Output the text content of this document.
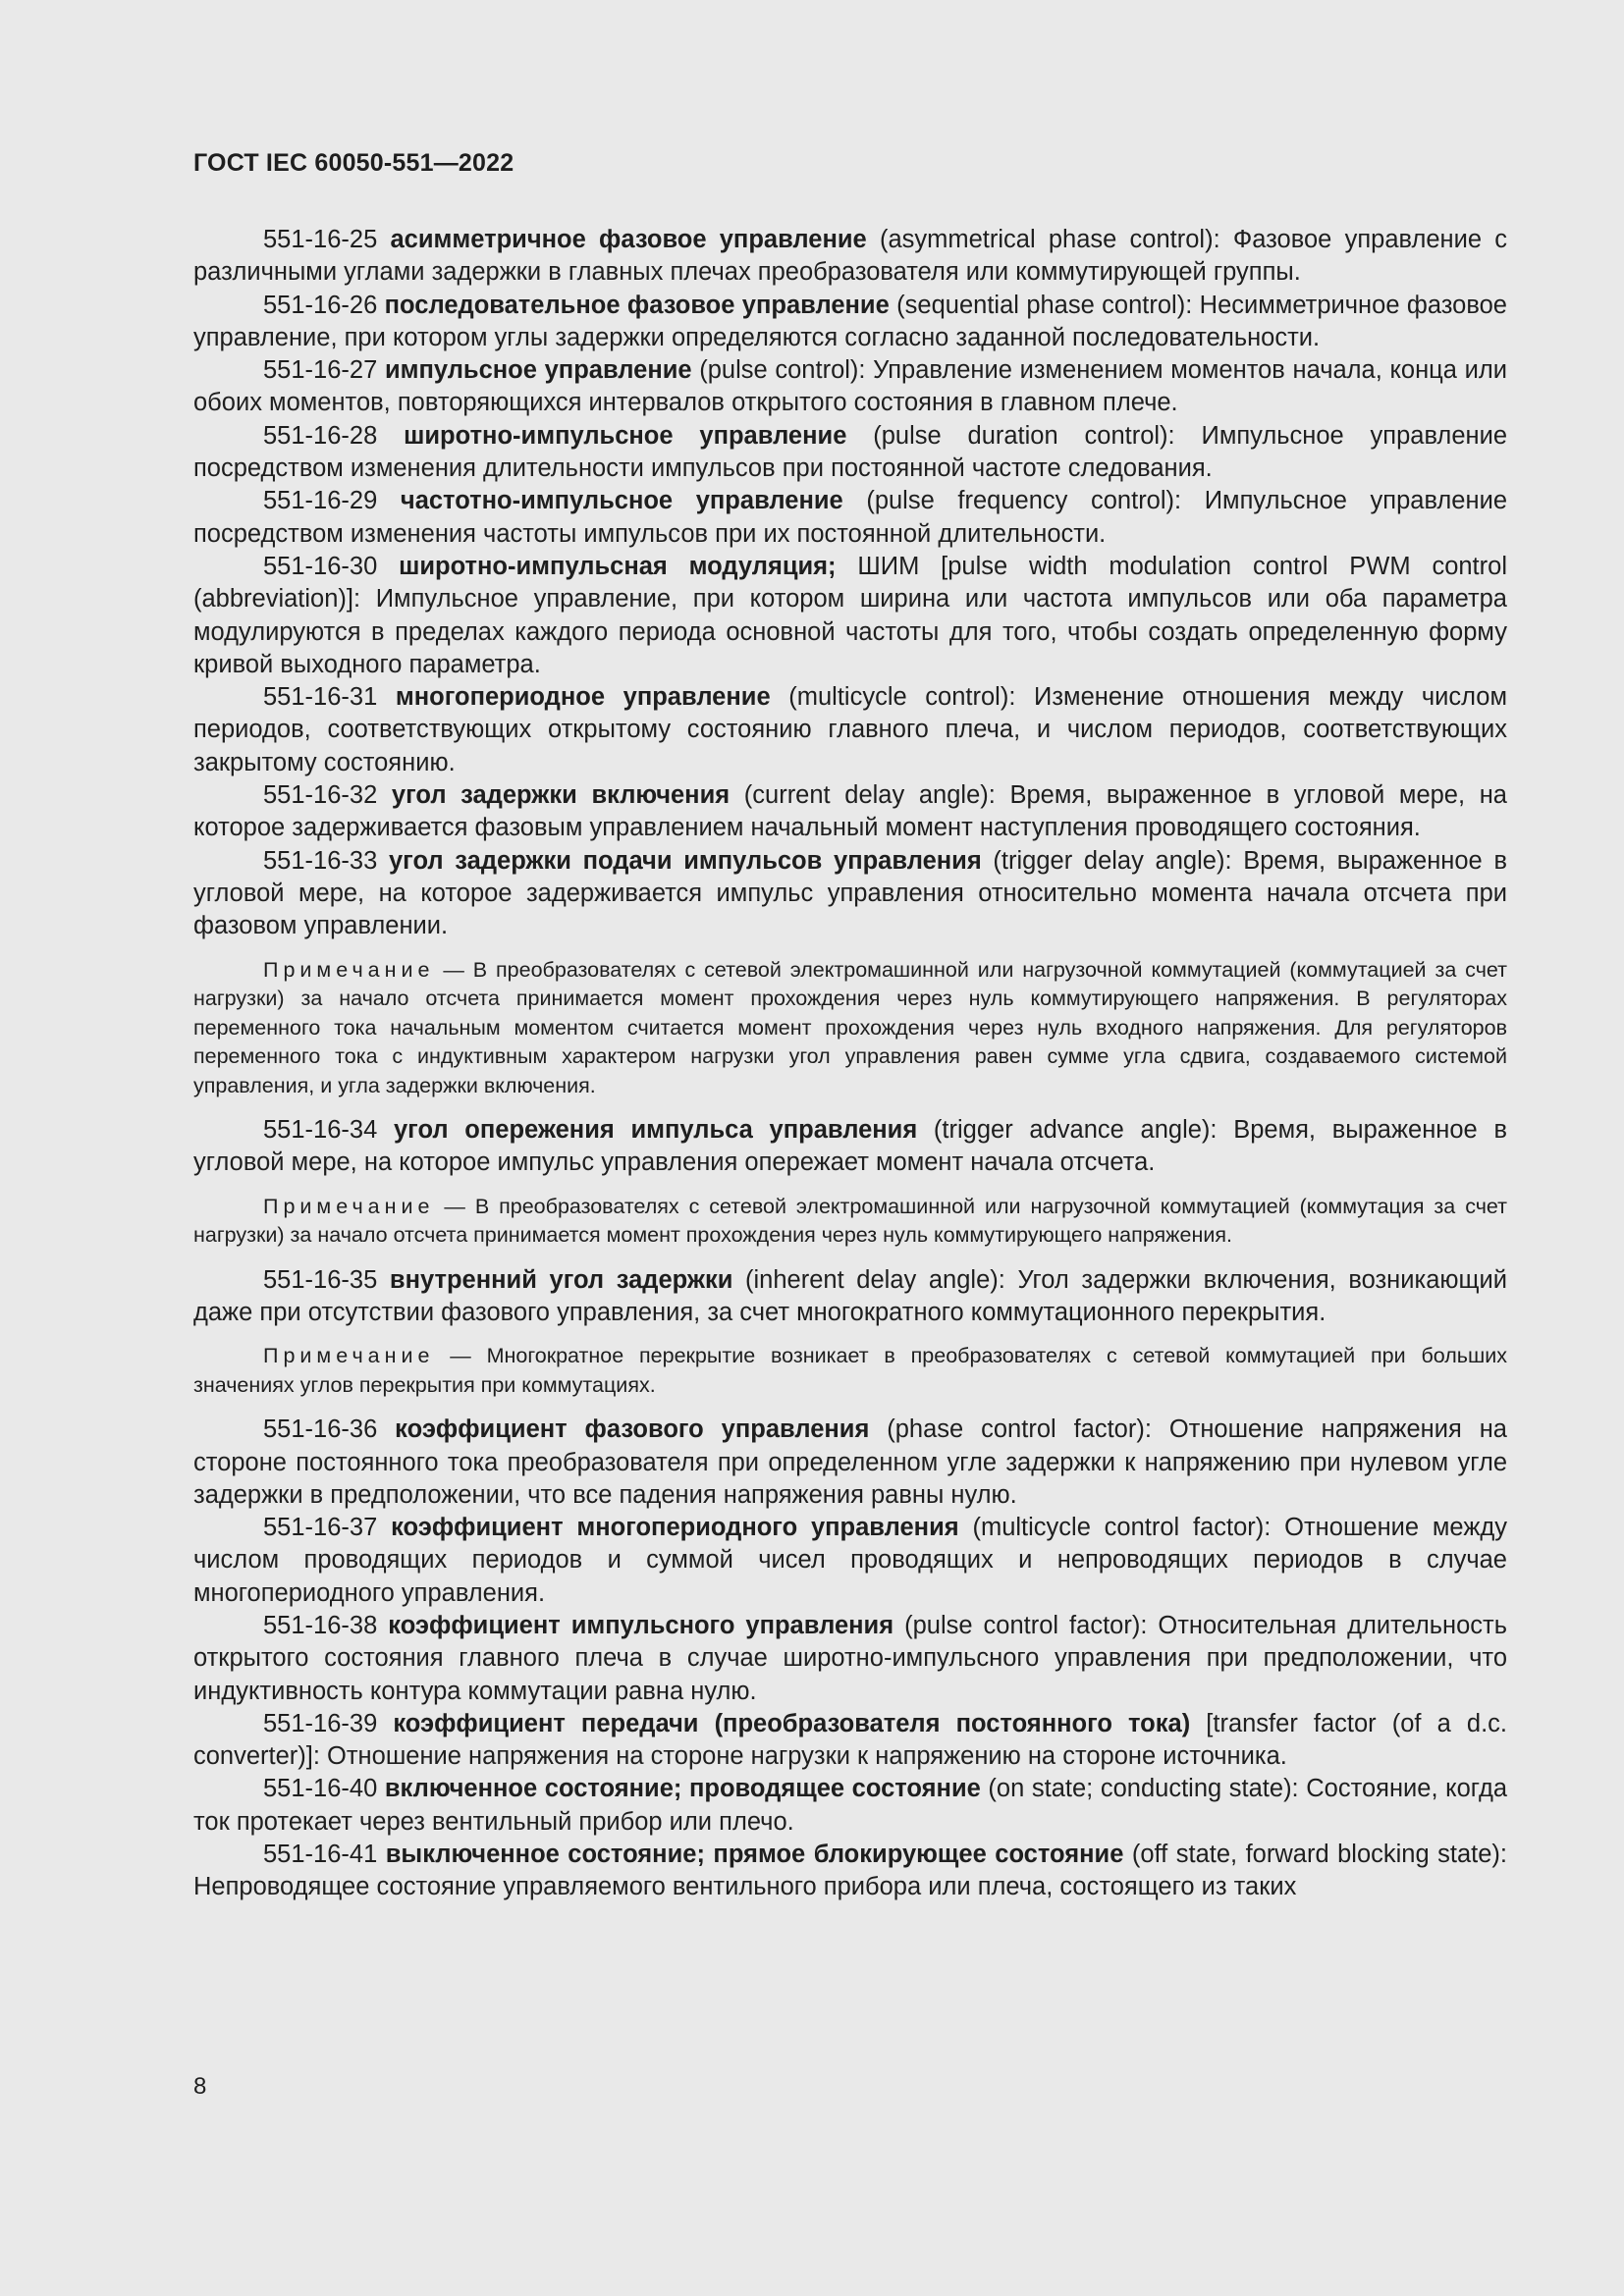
ГОСТ IEC 60050-551—2022

551-16-25 асимметричное фазовое управление (asymmetrical phase control): Фазовое управление с различными углами задержки в главных плечах преобразователя или коммутирующей группы.

551-16-26 последовательное фазовое управление (sequential phase control): Несимметричное фазовое управление, при котором углы задержки определяются согласно заданной последовательности.

551-16-27 импульсное управление (pulse control): Управление изменением моментов начала, конца или обоих моментов, повторяющихся интервалов открытого состояния в главном плече.

551-16-28 широтно-импульсное управление (pulse duration control): Импульсное управление посредством изменения длительности импульсов при постоянной частоте следования.

551-16-29 частотно-импульсное управление (pulse frequency control): Импульсное управление посредством изменения частоты импульсов при их постоянной длительности.

551-16-30 широтно-импульсная модуляция; ШИМ [pulse width modulation control PWM control (abbreviation)]: Импульсное управление, при котором ширина или частота импульсов или оба параметра модулируются в пределах каждого периода основной частоты для того, чтобы создать определенную форму кривой выходного параметра.

551-16-31 многопериодное управление (multicycle control): Изменение отношения между числом периодов, соответствующих открытому состоянию главного плеча, и числом периодов, соответствующих закрытому состоянию.

551-16-32 угол задержки включения (current delay angle): Время, выраженное в угловой мере, на которое задерживается фазовым управлением начальный момент наступления проводящего состояния.

551-16-33 угол задержки подачи импульсов управления (trigger delay angle): Время, выраженное в угловой мере, на которое задерживается импульс управления относительно момента начала отсчета при фазовом управлении.

Примечание — В преобразователях с сетевой электромашинной или нагрузочной коммутацией (коммутацией за счет нагрузки) за начало отсчета принимается момент прохождения через нуль коммутирующего напряжения. В регуляторах переменного тока начальным моментом считается момент прохождения через нуль входного напряжения. Для регуляторов переменного тока с индуктивным характером нагрузки угол управления равен сумме угла сдвига, создаваемого системой управления, и угла задержки включения.

551-16-34 угол опережения импульса управления (trigger advance angle): Время, выраженное в угловой мере, на которое импульс управления опережает момент начала отсчета.

Примечание — В преобразователях с сетевой электромашинной или нагрузочной коммутацией (коммутация за счет нагрузки) за начало отсчета принимается момент прохождения через нуль коммутирующего напряжения.

551-16-35 внутренний угол задержки (inherent delay angle): Угол задержки включения, возникающий даже при отсутствии фазового управления, за счет многократного коммутационного перекрытия.

Примечание — Многократное перекрытие возникает в преобразователях с сетевой коммутацией при больших значениях углов перекрытия при коммутациях.

551-16-36 коэффициент фазового управления (phase control factor): Отношение напряжения на стороне постоянного тока преобразователя при определенном угле задержки к напряжению при нулевом угле задержки в предположении, что все падения напряжения равны нулю.

551-16-37 коэффициент многопериодного управления (multicycle control factor): Отношение между числом проводящих периодов и суммой чисел проводящих и непроводящих периодов в случае многопериодного управления.

551-16-38 коэффициент импульсного управления (pulse control factor): Относительная длительность открытого состояния главного плеча в случае широтно-импульсного управления при предположении, что индуктивность контура коммутации равна нулю.

551-16-39 коэффициент передачи (преобразователя постоянного тока) [transfer factor (of a d.c. converter)]: Отношение напряжения на стороне нагрузки к напряжению на стороне источника.

551-16-40 включенное состояние; проводящее состояние (on state; conducting state): Состояние, когда ток протекает через вентильный прибор или плечо.

551-16-41 выключенное состояние; прямое блокирующее состояние (off state, forward blocking state): Непроводящее состояние управляемого вентильного прибора или плеча, состоящего из таких

8
